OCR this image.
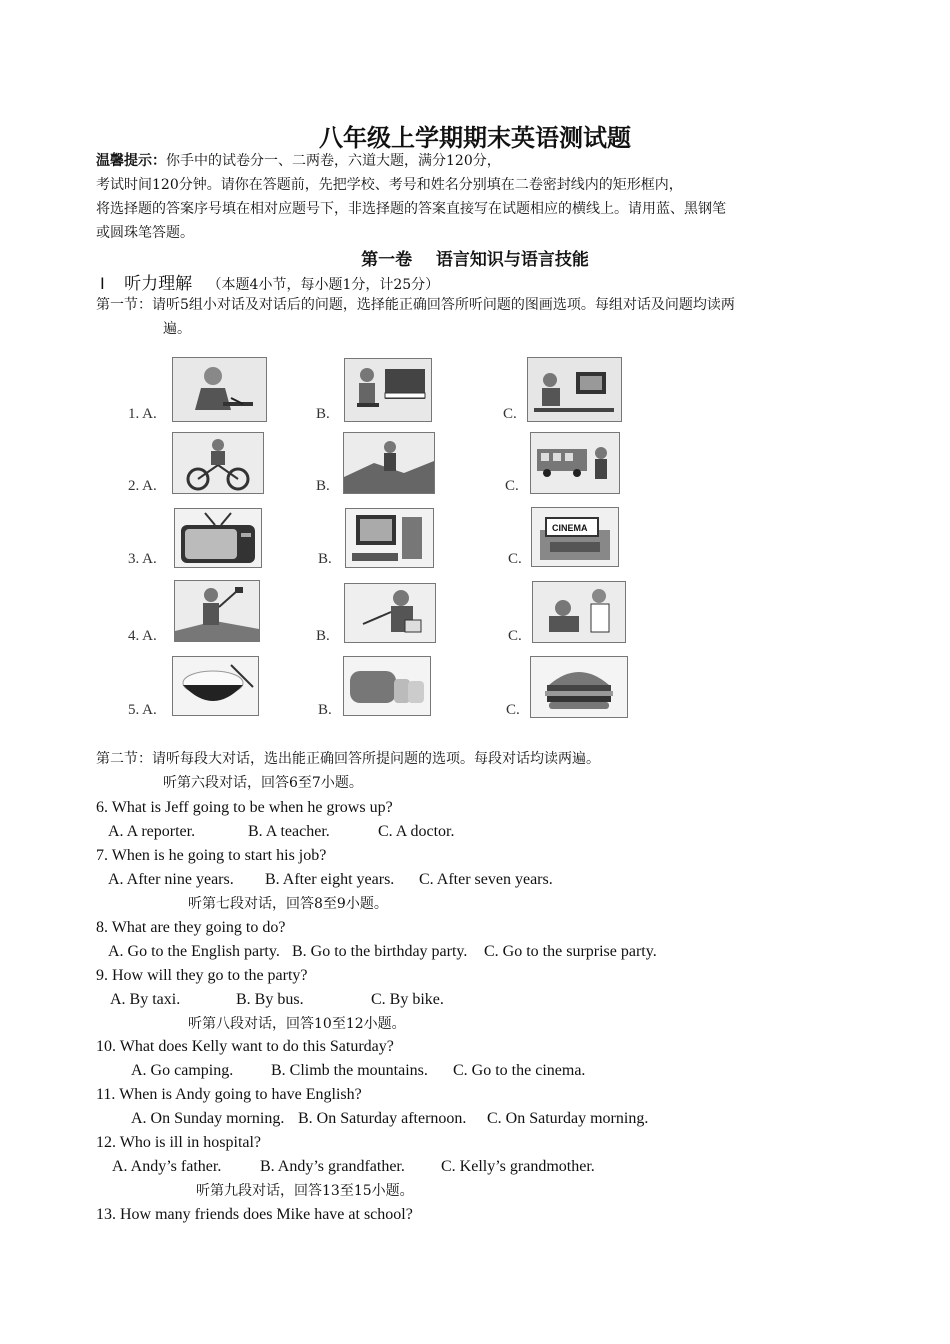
八年级上学期期末英语测试题
温馨提示：你手中的试卷分一、二两卷，六道大题，满分120分，
考试时间120分钟。请你在答题前，先把学校、考号和姓名分别填在二卷密封线内的矩形框内，
将选择题的答案序号填在相对应题号下，非选择题的答案直接写在试题相应的横线上。请用蓝、黑钢笔
或圆珠笔答题。
第一卷    语言知识与语言技能
Ⅰ 听力理解 （本题4小节，每小题1分，计25分）
第一节：请听5组小对话及对话后的问题，选择能正确回答所听问题的图画选项。每组对话及问题均读两
遍。
1. A.	B.	C.
2. A.	B.	C.
3. A.	B.	C.
4. A.	B.	C.
5. A.	B.	C.
CINEMA
第二节：请听每段大对话，选出能正确回答所提问题的选项。每段对话均读两遍。
听第六段对话，回答6至7小题。
6. What is Jeff going to be when he grows up?
A. A reporter.	B. A teacher.	C. A doctor.
7. When is he going to start his job?
A. After nine years. B. After eight years. C. After seven years.
听第七段对话，回答8至9小题。
8. What are they going to do?
A. Go to the English party. B. Go to the birthday party. C. Go to the surprise party.
9. How will they go to the party?
A. By taxi.	B. By bus.	C. By bike.
听第八段对话，回答10至12小题。
10. What does Kelly want to do this Saturday?
A. Go camping. B. Climb the mountains. C. Go to the cinema.
11. When is Andy going to have English?
A. On Sunday morning. B. On Saturday afternoon. C. On Saturday morning.
12. Who is ill in hospital?
A. Andy’s father. B. Andy’s grandfather. C. Kelly’s grandmother.
听第九段对话，回答13至15小题。
13. How many friends does Mike have at school?
